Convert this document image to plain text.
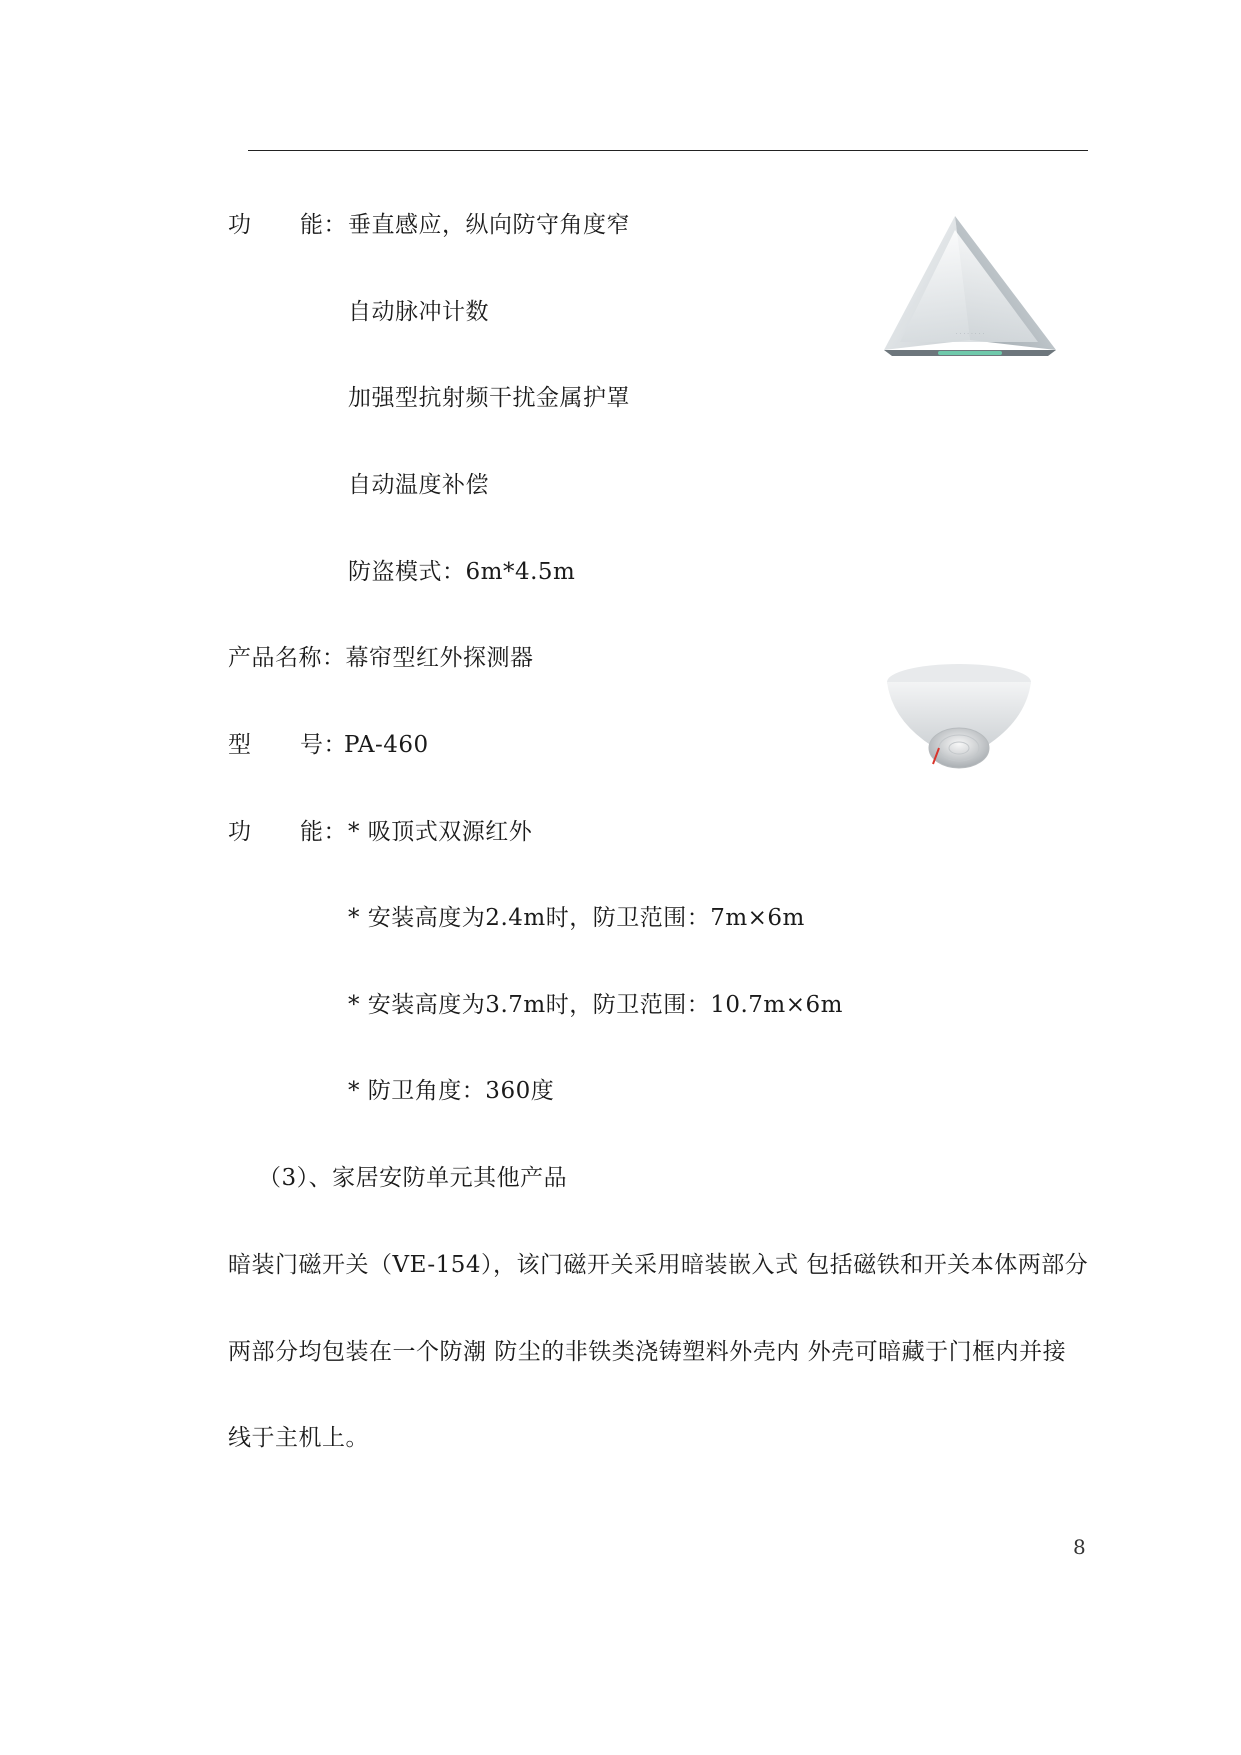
功 能： 垂直感应，纵向防守角度窄
自动脉冲计数
加强型抗射频干扰金属护罩
自动温度补偿
防盗模式：6m*4.5m
· · · · · · · ·
产品名称：幕帘型红外探测器
型 号：
PA-460
功 能： * 吸顶式双源红外
* 安装高度为2.4m时，防卫范围：7m×6m
* 安装高度为3.7m时，防卫范围：10.7m×6m
* 防卫角度：360度
（3）、家居安防单元其他产品
暗装门磁开关（VE-154），该门磁开关采用暗装嵌入式 包括磁铁和开关本体两部分
两部分均包装在一个防潮 防尘的非铁类浇铸塑料外壳内 外壳可暗藏于门框内并接
线于主机上。
8
